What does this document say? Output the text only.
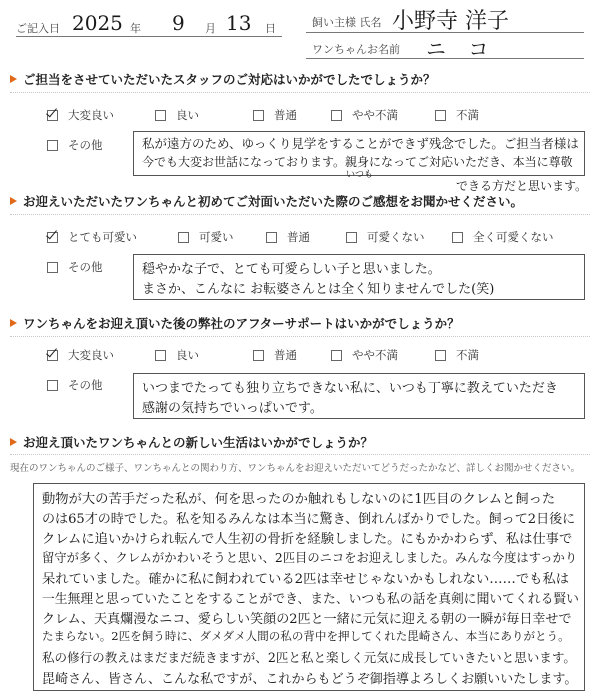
ご記入日 2025 年 9 月 13 日	飼い主様 氏名 小野寺 洋子
ワンちゃんお名前 ニ コ
ご担当をさせていただいたスタッフのご対応はいかがでしたでしょうか？
大変良い	良い	普通	やや不満	不満
その他
いつも
私が遠方のため、ゆっくり見学をすることができず残念でした。ご担当者様は
今でも大変お世話になっております。親身になってご対応いただき、本当に尊敬
できる方だと思います。
お迎えいただいたワンちゃんと初めてご対面いただいた際のご感想をお聞かせください。
とても可愛い	可愛い	普通	可愛くない	全く可愛くない
その他	穏やかな子で、とても可愛らしい子と思いました。
まさか、こんなに お転婆さんとは全く知りませんでした(笑)
ワンちゃんをお迎え頂いた後の弊社のアフターサポートはいかがでしょうか？
大変良い	良い	普通	やや不満	不満
その他	いつまでたっても独り立ちできない私に、いつも丁寧に教えていただき
感謝の気持ちでいっぱいです。
お迎え頂いたワンちゃんとの新しい生活はいかがでしょうか？
現在のワンちゃんのご様子、ワンちゃんとの関わり方、ワンちゃんをお迎えいただいてどうだったかなど、詳しくお聞かせください。
動物が大の苦手だった私が、何を思ったのか触れもしないのに1匹目のクレムと飼った
のは65才の時でした。私を知るみんなは本当に驚き、倒れんばかりでした。飼って2日後に
クレムに追いかけられ転んで人生初の骨折を経験しました。にもかかわらず、私は仕事で
留守が多く、クレムがかわいそうと思い、2匹目のニコをお迎えしました。みんな今度はすっかり
呆れていました。確かに私に飼われている2匹は幸せじゃないかもしれない……でも私は
一生無理と思っていたことをすることができ、また、いつも私の話を真剣に聞いてくれる賢い
クレム、天真爛漫なニコ、愛らしい笑顔の2匹と一緒に元気に迎える朝の一瞬が毎日幸せで
たまらない。2匹を飼う時に、ダメダメ人間の私の背中を押してくれた毘崎さん、本当にありがとう。
私の修行の教えはまだまだ続きますが、2匹と私と楽しく元気に成長していきたいと思います。
毘崎さん、皆さん、こんな私ですが、これからもどうぞ御指導よろしくお願いいたします。
